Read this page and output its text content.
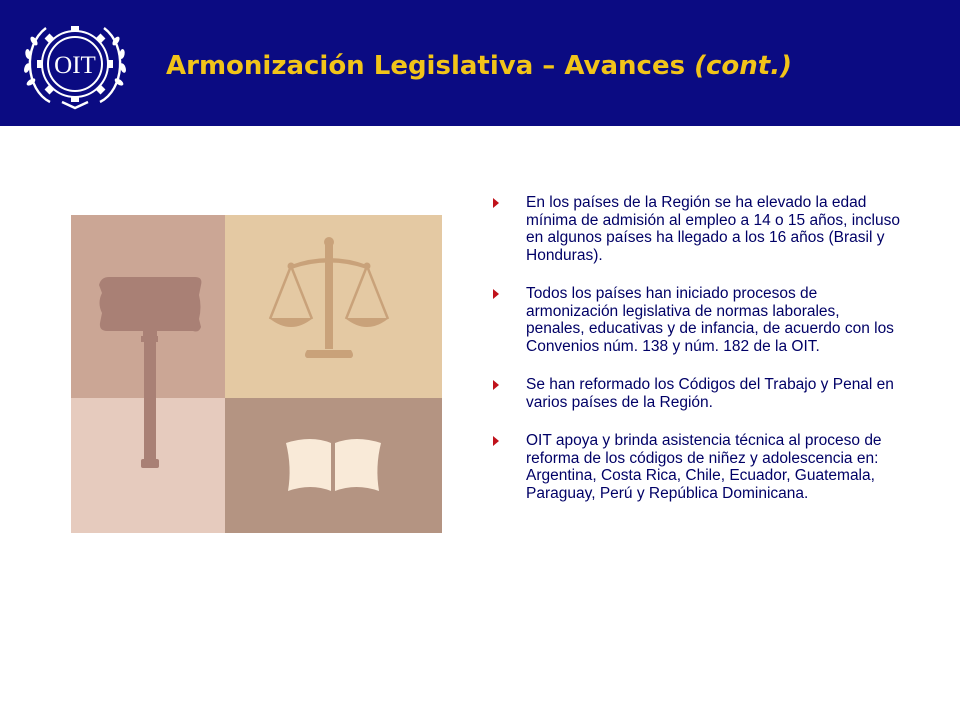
OIT	Armonización Legislativa – Avances (cont.)
En los países de la Región se ha elevado la edad mínima de admisión al empleo a 14 o 15 años, incluso en algunos países ha llegado a los 16 años (Brasil y Honduras).
Todos los países han iniciado procesos de armonización legislativa de normas laborales, penales, educativas y de infancia, de acuerdo con los Convenios núm. 138 y núm. 182 de la OIT.
Se han reformado los Códigos del Trabajo y Penal en varios países de la Región.
OIT apoya y brinda asistencia técnica al proceso de reforma de los códigos de niñez y adolescencia en: Argentina, Costa Rica, Chile, Ecuador, Guatemala, Paraguay, Perú y República Dominicana.
